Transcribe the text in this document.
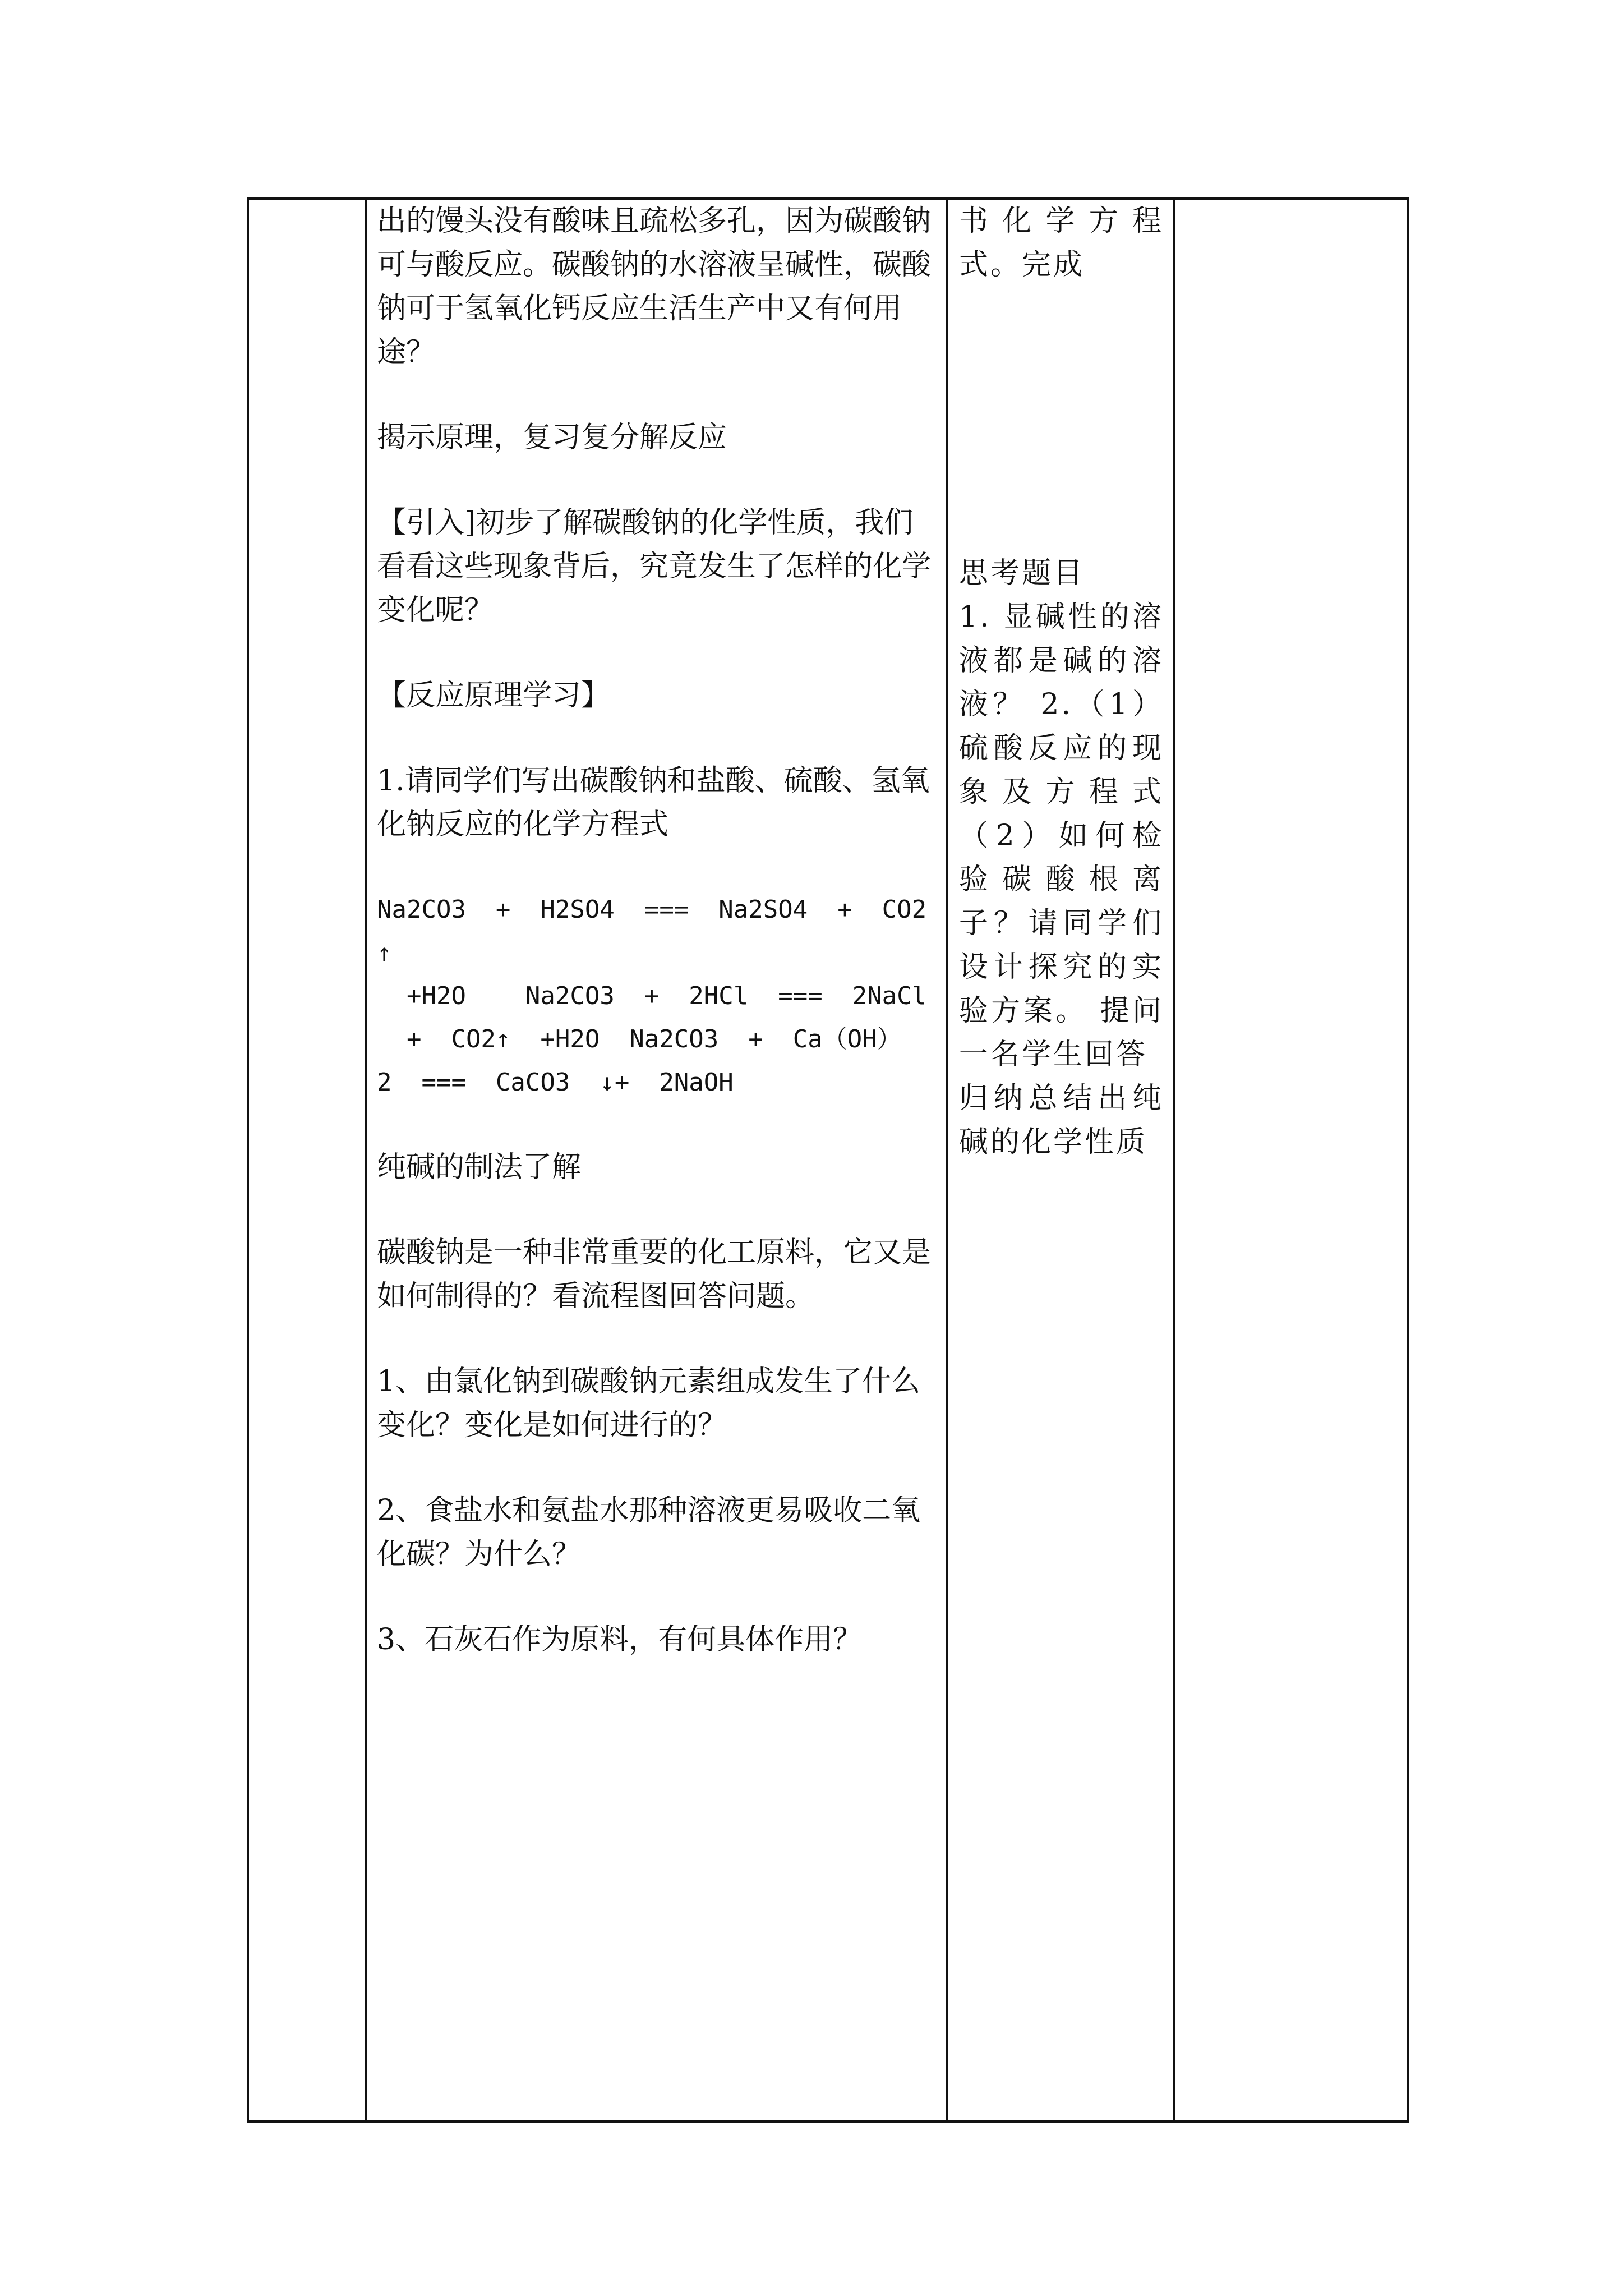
出的馒头没有酸味且疏松多孔，因为碳酸钠可与酸反应。碳酸钠的水溶液呈碱性，碳酸钠可于氢氧化钙反应生活生产中又有何用途？

揭示原理，复习复分解反应

【引入]初步了解碳酸钠的化学性质，我们看看这些现象背后，究竟发生了怎样的化学变化呢？

【反应原理学习】

1.请同学们写出碳酸钠和盐酸、硫酸、氢氧化钠反应的化学方程式

Na2CO3  +  H2SO4  ===  Na2SO4  +  CO2
↑
+H2O    Na2CO3  +  2HCl  ===  2NaCl
+  CO2↑  +H2O  Na2CO3  +  Ca（OH）
2  ===  CaCO3  ↓+  2NaOH

纯碱的制法了解

碳酸钠是一种非常重要的化工原料，它又是如何制得的？看流程图回答问题。

1、由氯化钠到碳酸钠元素组成发生了什么变化？变化是如何进行的？

2、食盐水和氨盐水那种溶液更易吸收二氧化碳？为什么？

3、石灰石作为原料，有何具体作用？

书化学方程式。完成

思考题目

1. 显碱性的溶液都是碱的溶液？ 2.（1）硫酸反应的现象及方程式 （2）如何检验碳酸根离子？请同学们设计探究的实验方案。 提问一名学生回答

归纳总结出纯碱的化学性质
